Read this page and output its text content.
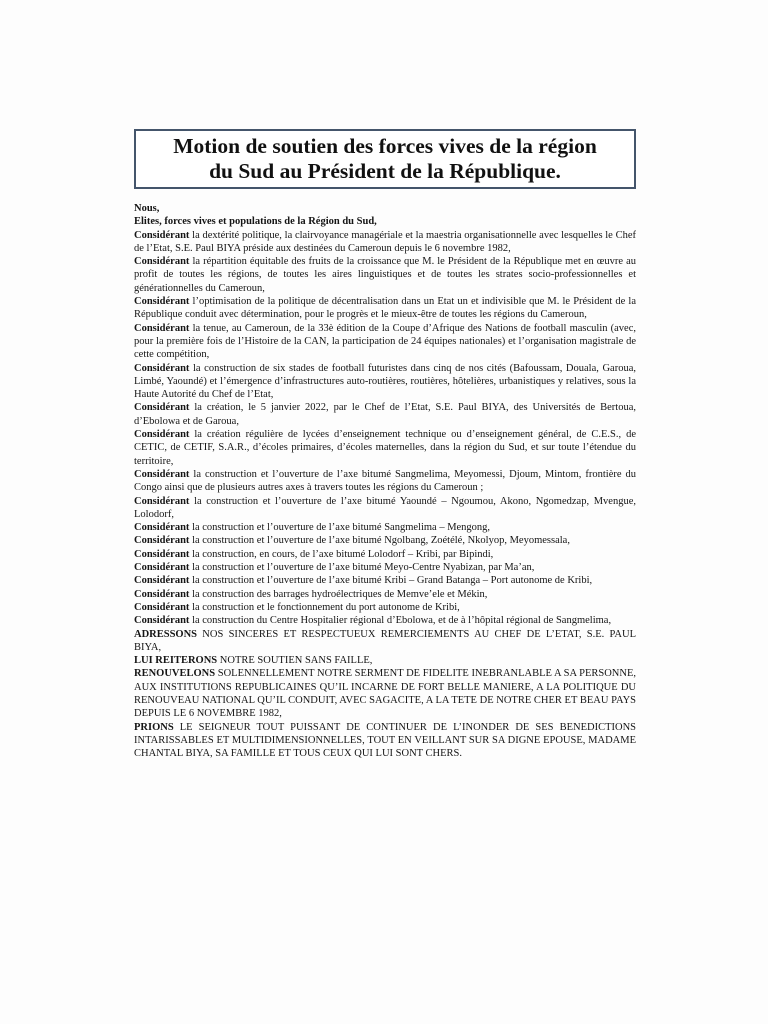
Motion de soutien des forces vives de la région
du Sud au Président de la République.

Nous,

Elites, forces vives et populations de la Région du Sud,

Considérant la dextérité politique, la clairvoyance managériale et la maestria organisationnelle avec lesquelles le Chef de l’Etat, S.E. Paul BIYA préside aux destinées du Cameroun depuis le 6 novembre 1982,

Considérant la répartition équitable des fruits de la croissance que M. le Président de la République met en œuvre au profit de toutes les régions, de toutes les aires linguistiques et de toutes les strates socio-professionnelles et générationnelles du Cameroun,

Considérant l’optimisation de la politique de décentralisation dans un Etat un et indivisible que M. le Président de la République conduit avec détermination, pour le progrès et le mieux-être de toutes les régions du Cameroun,

Considérant la tenue, au Cameroun, de la 33è édition de la Coupe d’Afrique des Nations de football masculin (avec, pour la première fois de l’Histoire de la CAN, la participation de 24 équipes nationales) et l’organisation magistrale de cette compétition,

Considérant la construction de six stades de football futuristes dans cinq de nos cités (Bafoussam, Douala, Garoua, Limbé, Yaoundé) et l’émergence d’infrastructures auto-routières, routières, hôtelières, urbanistiques y relatives, sous la Haute Autorité du Chef de l’Etat,

Considérant la création, le 5 janvier 2022, par le Chef de l’Etat, S.E. Paul BIYA, des Universités de Bertoua, d’Ebolowa et de Garoua,

Considérant la création régulière de lycées d’enseignement technique ou d’enseignement général, de C.E.S., de CETIC, de CETIF, S.A.R., d’écoles primaires, d’écoles maternelles, dans la région du Sud, et sur toute l’étendue du territoire,

Considérant la construction et l’ouverture de l’axe bitumé Sangmelima, Meyomessi, Djoum, Mintom, frontière du Congo ainsi que de plusieurs autres axes à travers toutes les régions du Cameroun ;

Considérant la construction et l’ouverture de l’axe bitumé Yaoundé – Ngoumou, Akono, Ngomedzap, Mvengue, Lolodorf,

Considérant la construction et l’ouverture de l’axe bitumé Sangmelima – Mengong,

Considérant la construction et l’ouverture de l’axe bitumé Ngolbang, Zoétélé, Nkolyop, Meyomessala,

Considérant la construction, en cours, de l’axe bitumé Lolodorf – Kribi, par Bipindi,

Considérant la construction et l’ouverture de l’axe bitumé Meyo-Centre Nyabizan, par Ma’an,

Considérant la construction et l’ouverture de l’axe bitumé Kribi – Grand Batanga – Port autonome de Kribi,

Considérant la construction des barrages hydroélectriques de Memve’ele et Mékin,

Considérant la construction et le fonctionnement du port autonome de Kribi,

Considérant la construction du Centre Hospitalier régional d’Ebolowa, et de à l’hôpital régional de Sangmelima,

ADRESSONS NOS SINCERES ET RESPECTUEUX REMERCIEMENTS AU CHEF DE L’ETAT, S.E. PAUL BIYA,

LUI REITERONS NOTRE SOUTIEN SANS FAILLE,

RENOUVELONS SOLENNELLEMENT NOTRE SERMENT DE FIDELITE INEBRANLABLE A SA PERSONNE, AUX INSTITUTIONS REPUBLICAINES QU’IL INCARNE DE FORT BELLE MANIERE, A LA POLITIQUE DU RENOUVEAU NATIONAL QU’IL CONDUIT, AVEC SAGACITE, A LA TETE DE NOTRE CHER ET BEAU PAYS DEPUIS LE 6 NOVEMBRE 1982,

PRIONS LE SEIGNEUR TOUT PUISSANT DE CONTINUER DE L’INONDER DE SES BENEDICTIONS INTARISSABLES ET MULTIDIMENSIONNELLES, TOUT EN VEILLANT SUR SA DIGNE EPOUSE, MADAME CHANTAL BIYA, SA FAMILLE ET TOUS CEUX QUI LUI SONT CHERS.
